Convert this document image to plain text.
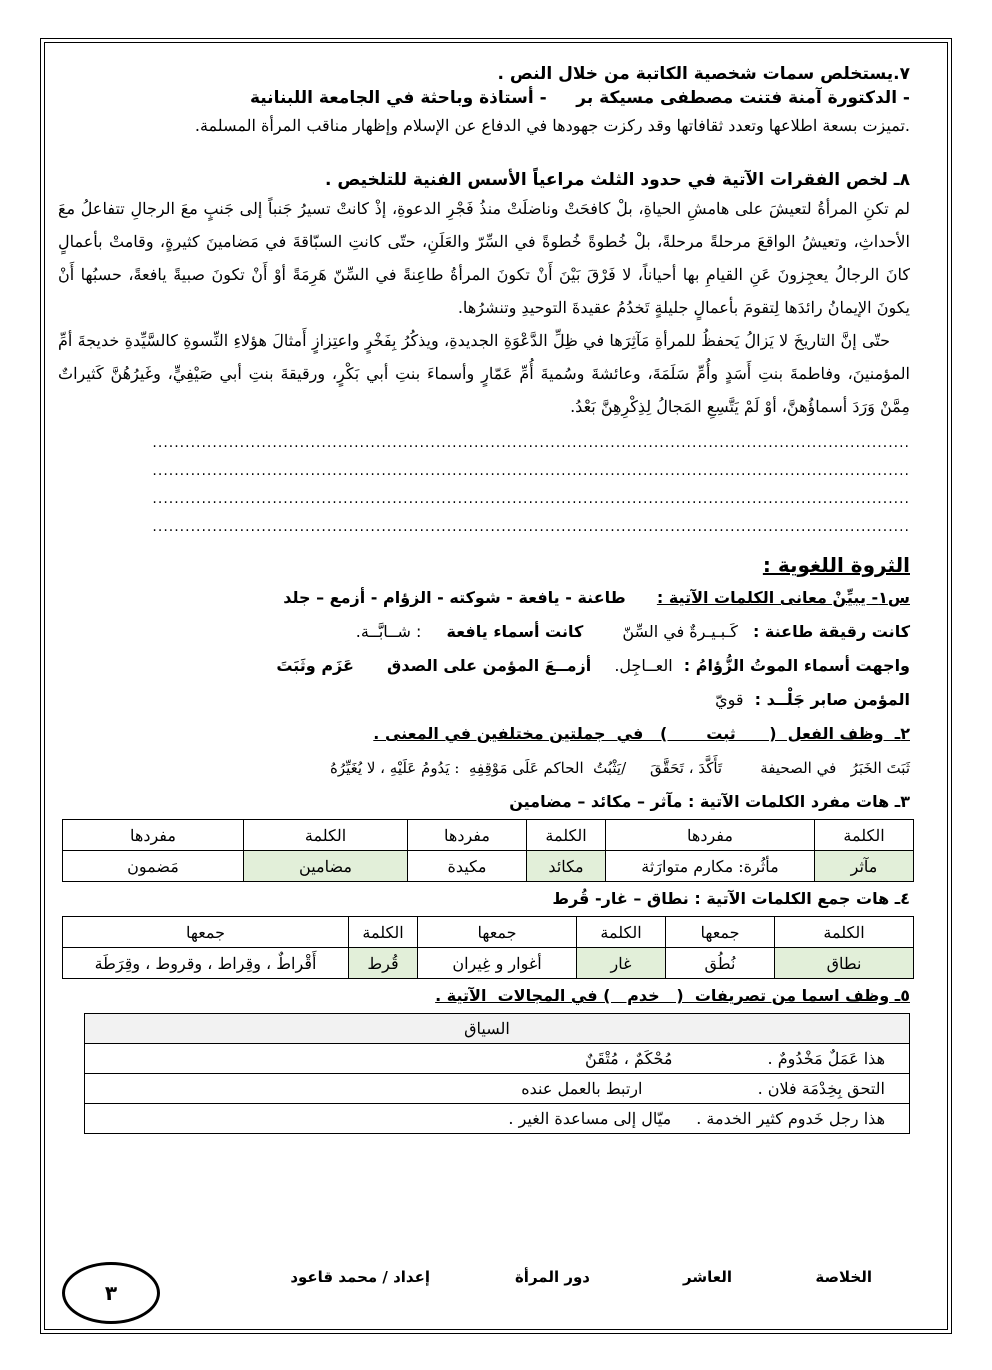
٧.يستخلص سمات شخصية الكاتبة من خلال النص .
- الدكتورة آمنة فتنت مصطفى مسيكة بر     - أستاذة وباحثة في الجامعة اللبنانية
.تميزت بسعة اطلاعها وتعدد ثقافاتها وقد ركزت جهودها في الدفاع عن الإسلام وإظهار مناقب المرأة المسلمة.
٨ـ لخص الفقرات الآتية في حدود الثلث مراعياً الأسس الفنية للتلخيص .
لم تكنِ المرأةُ لتعيشَ على هامشِ الحياةِ، بلْ كافحَتْ وناضلَتْ منذُ فَجْرِ الدعوةِ، إذْ كانتْ تسيرُ جَنباً إلى جَنبٍ معَ الرجالِ تتفاعلُ معَ الأحداثِ، وتعيشُ الواقعَ مرحلةً مرحلةً، بلْ خُطوةً خُطوةً في السِّرّ والعَلَنِ، حتّى كانتِ السبّاقةَ في مَضامينَ كثيرةٍ، وقامتْ بأعمالٍ كانَ الرجالُ يعجِزونَ عَنِ القيامِ بها أحياناً، لا فَرْقَ بَيْنَ أَنْ تكونَ المرأةُ طاعِنةً في السِّنّ هَرِمَةً أوْ أَنْ تكونَ صبيةً يافعةً، حسبُها أَنْ يكونَ الإيمانُ رائدَها لِتقومَ بأعمالٍ جليلةٍ تَخدُمُ عقيدةَ التوحيدِ وتنشرُها.
حتّى إنَّ التاريخَ لا يَزالُ يَحفظُ للمرأةِ مَآثِرَها في ظِلِّ الدَّعْوَةِ الجديدةِ، ويذكُرُ بِفَخْرٍ واعتِزازٍ أَمثالَ هؤلاءِ النِّسوةِ كالسَّيِّدةِ خديجةَ أمِّ المؤمنينَ، وفاطمةَ بنتِ أَسَدٍ وأُمِّ سَلَمَةَ، وعائشةَ وسُميةَ أُمِّ عَمّارٍ وأسماءَ بنتِ أبي بَكْرٍ، ورقيقةَ بنتِ أبي صَيْفِيٍّ، وغَيرُهُنَّ كَثيراتٌ مِمَّنْ وَرَدَ أسماؤُهنَّ، أوْ لَمْ يَتَّسِعِ المَجالُ لِذِكْرِهِنَّ بَعْدُ.
...........................................................................................................................................
...........................................................................................................................................
...........................................................................................................................................
...........................................................................................................................................
الثروة اللغوية :
س١- يبيِّنْ معانى الكلمات الآتية :  طاعنة - يافعة - شوكته - الزؤام - أزمع – جلد
كانت رقيقة طاعنة : كَـبـيـرةٌ في السِّنّ كانت أسماء يافعة : شــابَّــة.
واجهت أسماء الموتُ الزُّؤامُ : العــاجِل. أزمــعَ المؤمن على الصدق عَزَم وثَبَتَ
المؤمن صابر جَلْــد : قويّ
٢ـ  وظف الفعل  (      ثبت       )   في  جملتين مختلفين في المعنى .
ثَبَتَ الخَبَرُ   في الصحيفة        تَأَكَّدَ ، تَحَقَّقَ     /يَثْبُتُ  الحاكم عَلَى مَوْقِفِهِ  : يَدُومُ عَلَيْهِ ، لا يُغَيِّرُهُ
٣ـ هات مفرد الكلمات الآتية : مآثر – مكائد – مضامين
الكلمة	مفردها	الكلمة	مفردها	الكلمة	مفردها
مآثر	مأثُرة: مكارم متوارَثة	مكائد	مكيدة	مضامين	مَضمون
٤ـ هات جمع الكلمات الآتية : نطاق – غار- قُرط
الكلمة	جمعها	الكلمة	جمعها	الكلمة	جمعها
نطاق	نُطُق	غار	أغوار و غِيران	قُرط	أَقْراطٌ ، وقِراط ، وقروط ، وقِرَطَة
٥ـ وظف اسما من تصريفات  (   خدم   ) في المجالات  الآتية .
السياق
هذا عَمَلٌ مَخْدُومٌ . مُحْكَمٌ ، مُتْقَنٌ
التحق بِخِدْمَة فلان . ارتبط بالعمل عنده
هذا رجل خَدوم كثير الخدمة . ميّال إلى مساعدة الغير .
الخلاصة
العاشر
دور المرأة
إعداد / محمد قاعود
٣
